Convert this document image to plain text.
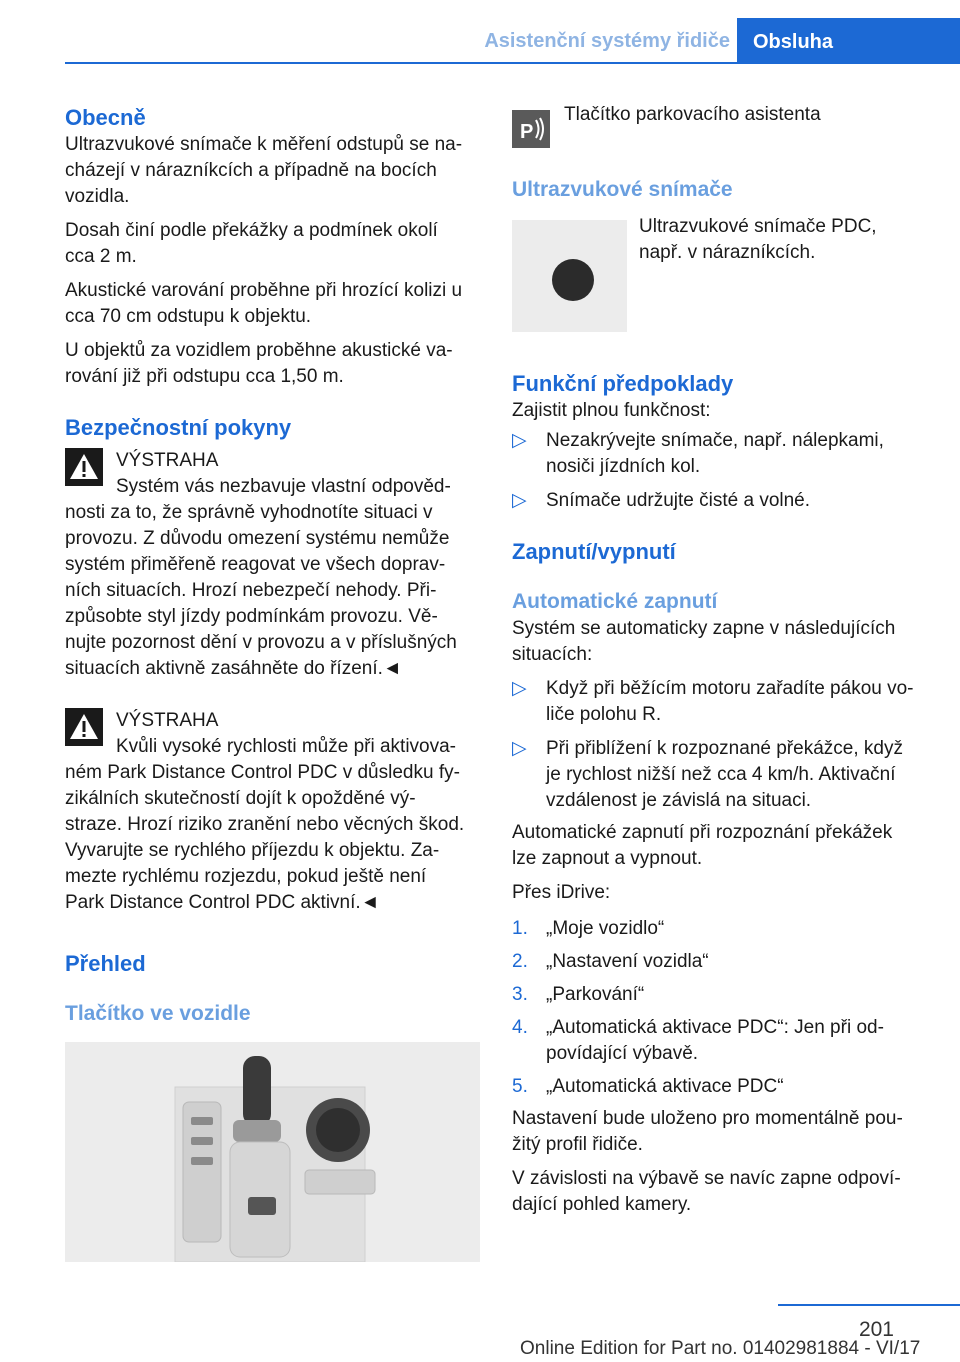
Asistenční systémy řidiče	Obsluha
Obecně
Ultrazvukové snímače k měření odstupů se na-
cházejí v nárazníkcích a případně na bocích
vozidla.
Dosah činí podle překážky a podmínek okolí
cca 2 m.
Akustické varování proběhne při hrozící kolizi u
cca 70 cm odstupu k objektu.
U objektů za vozidlem proběhne akustické va-
rování již při odstupu cca 1,50 m.
Bezpečnostní pokyny
VÝSTRAHA
Systém vás nezbavuje vlastní odpověd-
nosti za to, že správně vyhodnotíte situaci v
provozu. Z důvodu omezení systému nemůže
systém přiměřeně reagovat ve všech doprav-
ních situacích. Hrozí nebezpečí nehody. Při-
způsobte styl jízdy podmínkám provozu. Vě-
nujte pozornost dění v provozu a v příslušných
situacích aktivně zasáhněte do řízení.◄
VÝSTRAHA
Kvůli vysoké rychlosti může při aktivova-
ném Park Distance Control PDC v důsledku fy-
zikálních skutečností dojít k opožděné vý-
straze. Hrozí riziko zranění nebo věcných škod.
Vyvarujte se rychlého příjezdu k objektu. Za-
mezte rychlému rozjezdu, pokud ještě není
Park Distance Control PDC aktivní.◄
Přehled
Tlačítko ve vozidle
P
Tlačítko parkovacího asistenta
Ultrazvukové snímače
Ultrazvukové snímače PDC,
např. v nárazníkcích.
Funkční předpoklady
Zajistit plnou funkčnost:
▷ Nezakrývejte snímače, např. nálepkami,
nosiči jízdních kol.
▷ Snímače udržujte čisté a volné.
Zapnutí/vypnutí
Automatické zapnutí
Systém se automaticky zapne v následujících
situacích:
▷ Když při běžícím motoru zařadíte pákou vo-
liče polohu R.
▷ Při přiblížení k rozpoznané překážce, když
je rychlost nižší než cca 4 km/h. Aktivační
vzdálenost je závislá na situaci.
Automatické zapnutí při rozpoznání překážek
lze zapnout a vypnout.
Přes iDrive:
1. „Moje vozidlo“
2. „Nastavení vozidla“
3. „Parkování“
4. „Automatická aktivace PDC“: Jen při od-
povídající výbavě.
5. „Automatická aktivace PDC“
Nastavení bude uloženo pro momentálně pou-
žitý profil řidiče.
V závislosti na výbavě se navíc zapne odpoví-
dající pohled kamery.
201
Online Edition for Part no. 01402981884 - VI/17
